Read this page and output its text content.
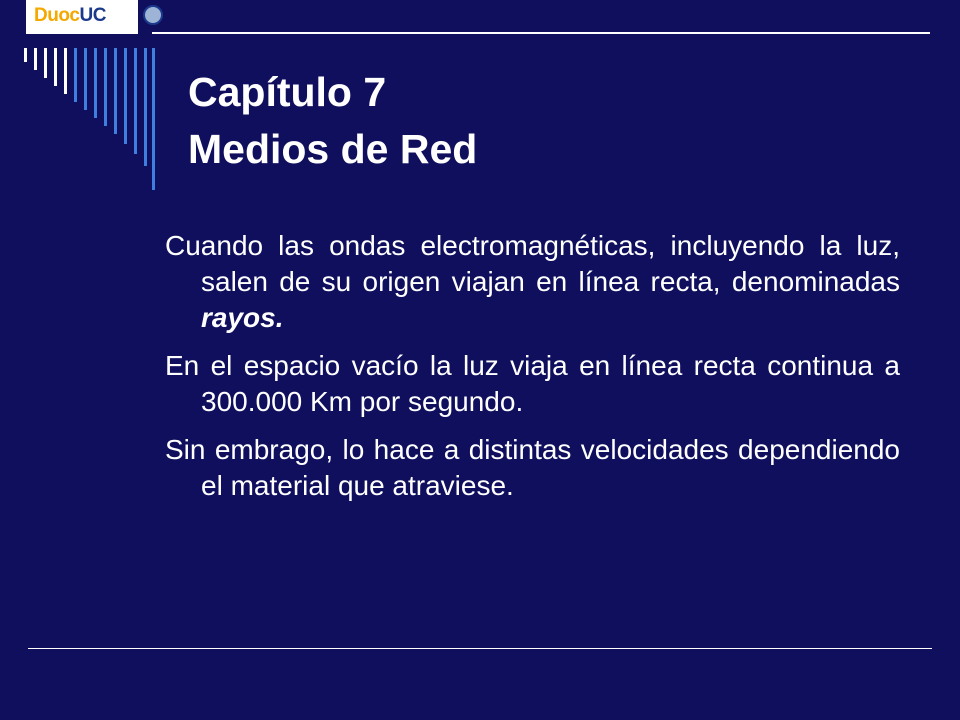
DuocUC
Capítulo 7
Medios de Red

Cuando las ondas electromagnéticas, incluyendo la luz, salen de su origen viajan en línea recta, denominadas rayos.

En el espacio vacío la luz viaja en línea recta continua a 300.000 Km por segundo.

Sin embrago, lo hace a distintas velocidades dependiendo el material que atraviese.
